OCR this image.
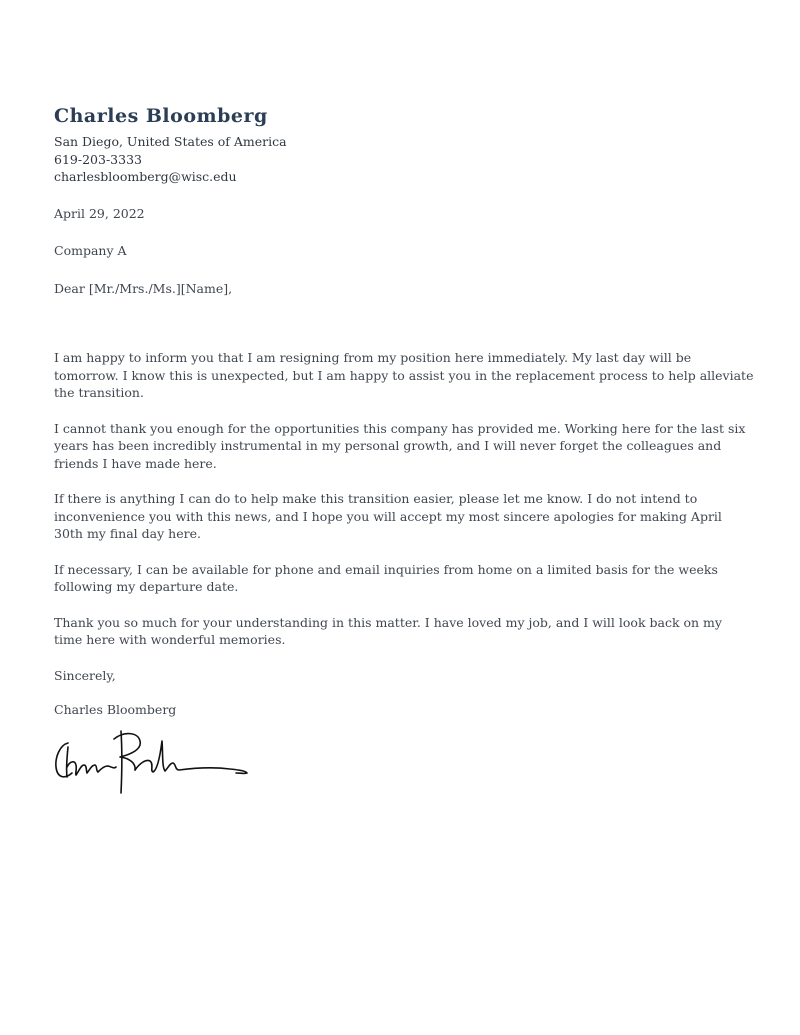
Charles Bloomberg
San Diego, United States of America
619-203-3333
charlesbloomberg@wisc.edu

April 29, 2022

Company A

Dear [Mr./Mrs./Ms.][Name],

I am happy to inform you that I am resigning from my position here immediately. My last day will be tomorrow. I know this is unexpected, but I am happy to assist you in the replacement process to help alleviate the transition.

I cannot thank you enough for the opportunities this company has provided me. Working here for the last six years has been incredibly instrumental in my personal growth, and I will never forget the colleagues and friends I have made here.

If there is anything I can do to help make this transition easier, please let me know. I do not intend to inconvenience you with this news, and I hope you will accept my most sincere apologies for making April 30th my final day here.

If necessary, I can be available for phone and email inquiries from home on a limited basis for the weeks following my departure date.

Thank you so much for your understanding in this matter. I have loved my job, and I will look back on my time here with wonderful memories.

Sincerely,

Charles Bloomberg
